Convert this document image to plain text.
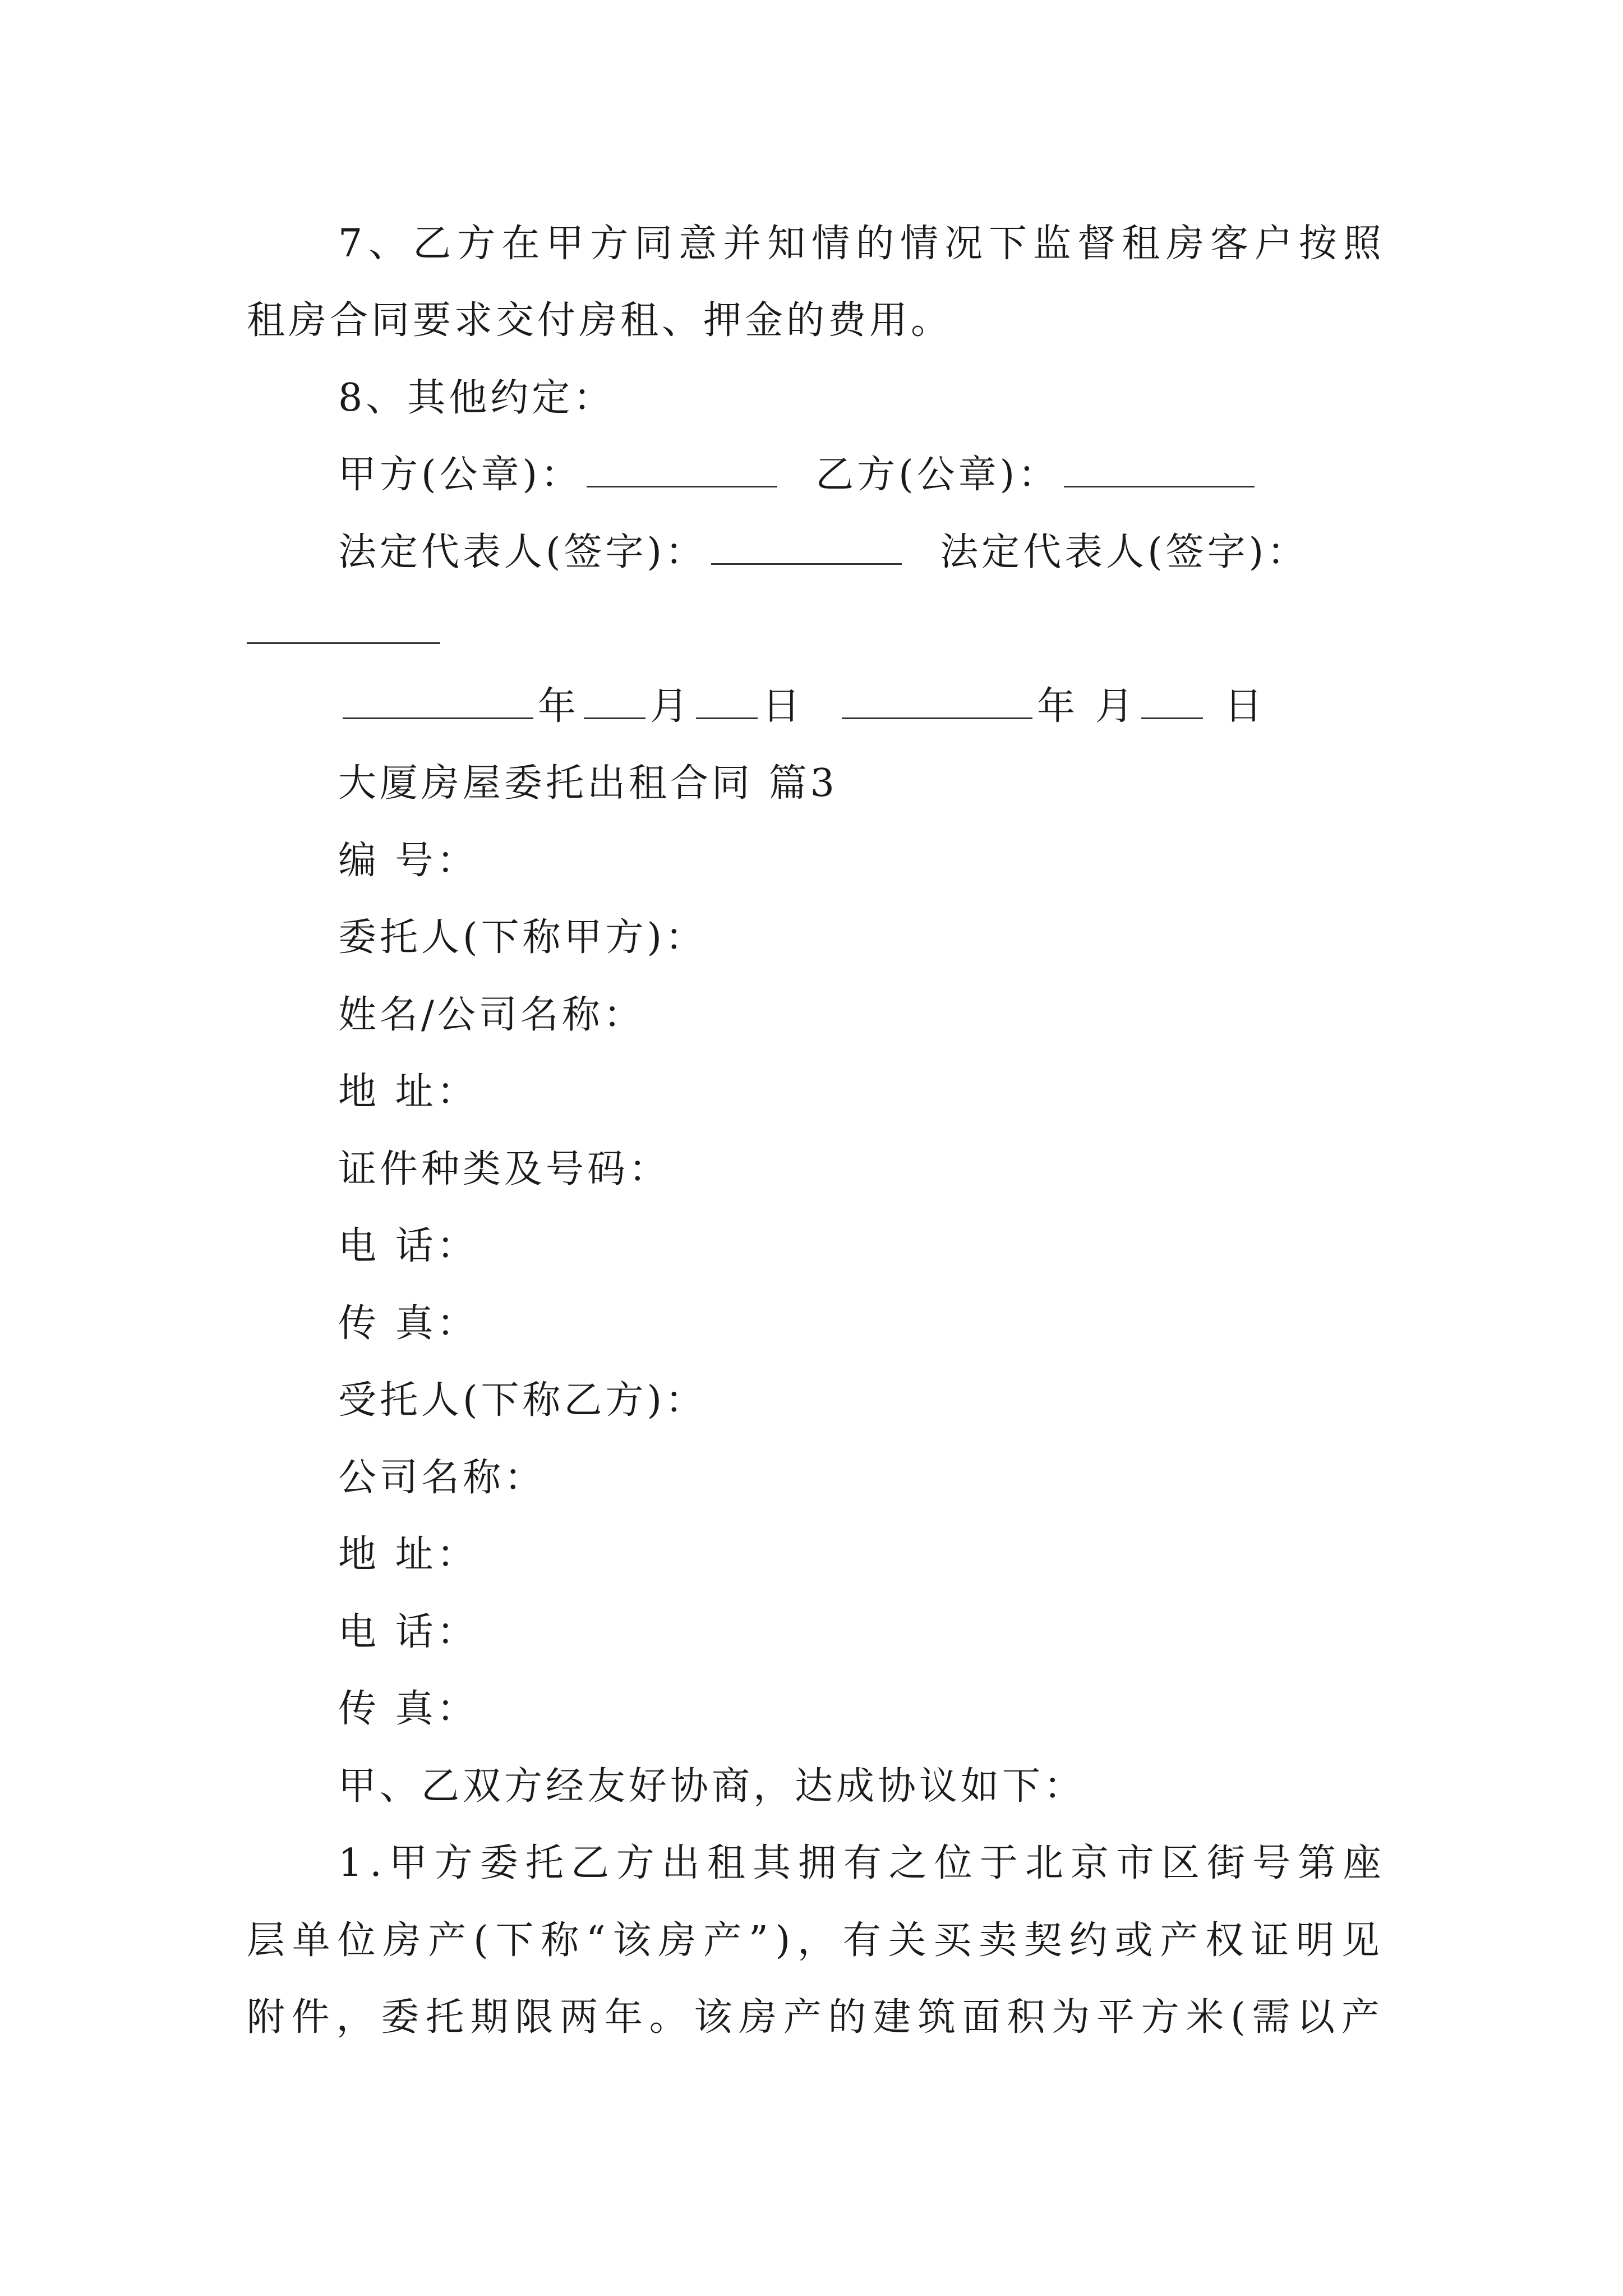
7 、 乙 方 在 甲 方 同 意 并 知 情 的 情 况 下 监 督 租 房 客 户 按 照
租房合同要求交付房租、押金的费用。
8、其他约定：
甲方(公章)：	乙方(公章)：
法定代表人(签字)：	法定代表人(签字)：
年 月 日	年 月 日
大厦房屋委托出租合同 篇3
编 号：
委托人(下称甲方)：
姓名/公司名称：
地 址：
证件种类及号码：
电 话：
传 真：
受托人(下称乙方)：
公司名称：
地 址：
电 话：
传 真：
甲、乙双方经友好协商，达成协议如下：
1 . 甲 方 委 托 乙 方 出 租 其 拥 有 之 位 于 北 京 市 区 街 号 第 座
层 单 位 房 产 ( 下 称 “ 该 房 产 ” ) ， 有 关 买 卖 契 约 或 产 权 证 明 见
附 件 ， 委 托 期 限 两 年 。 该 房 产 的 建 筑 面 积 为 平 方 米 ( 需 以 产
